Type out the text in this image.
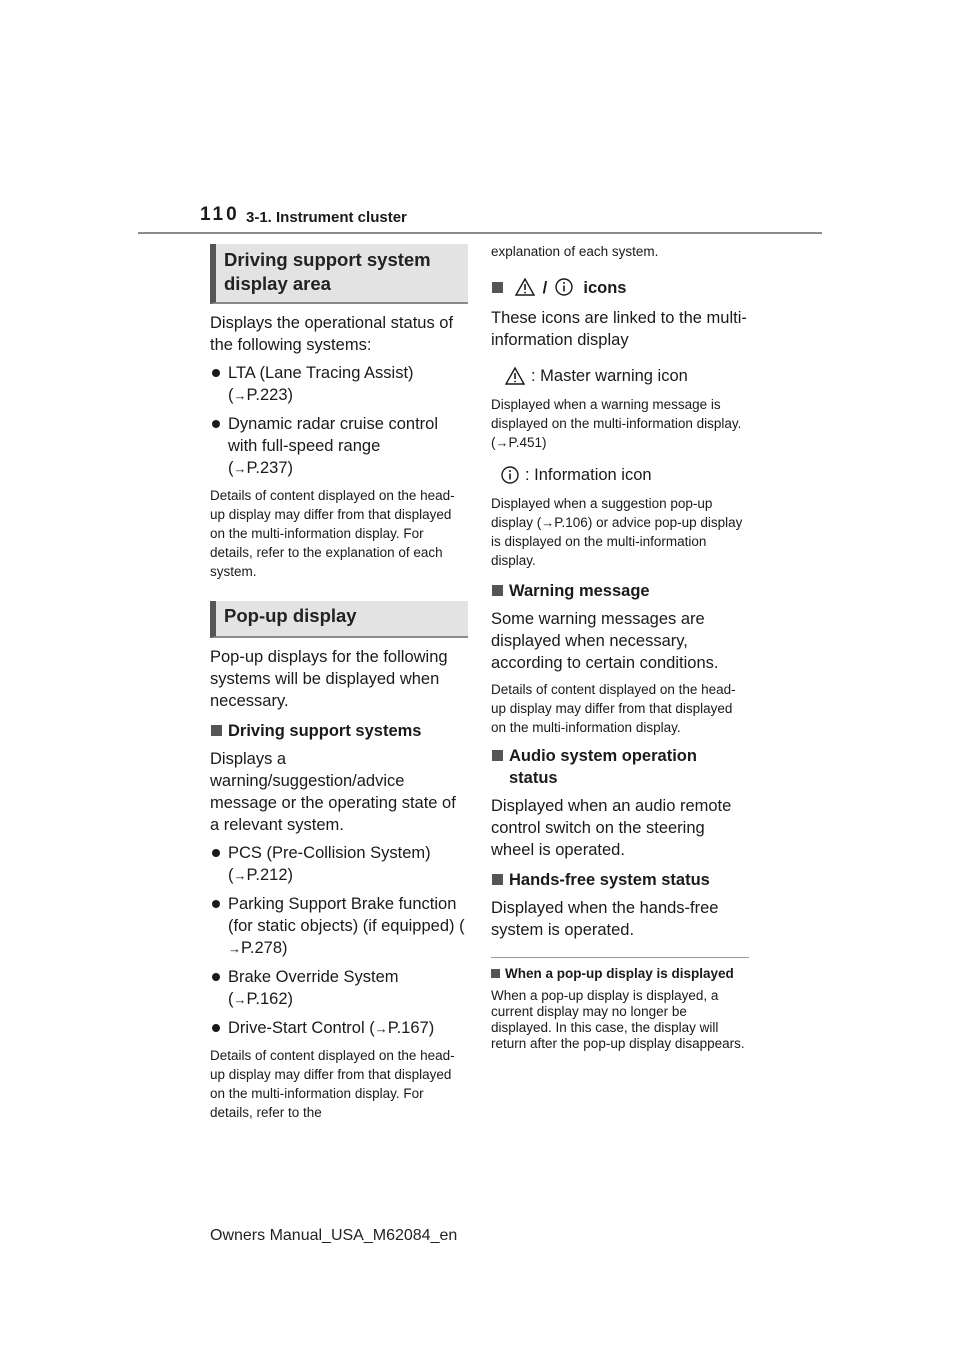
110 3-1. Instrument cluster
Driving support system display area

Displays the operational status of the following systems:

LTA (Lane Tracing Assist)
(→P.223)
Dynamic radar cruise control with full-speed range
(→P.237)

Details of content displayed on the head-up display may differ from that displayed on the multi-information display. For details, refer to the explanation of each system.

Pop-up display

Pop-up displays for the following systems will be displayed when necessary.

Driving support systems

Displays a warning/suggestion/advice message or the operating state of a relevant system.

PCS (Pre-Collision System)
(→P.212)
Parking Support Brake function (for static objects) (if equipped) (→P.278)
Brake Override System
(→P.162)
Drive-Start Control (→P.167)

Details of content displayed on the head-up display may differ from that displayed on the multi-information display. For details, refer to the

explanation of each system.

/ icons

These icons are linked to the multi-information display

: Master warning icon

Displayed when a warning message is displayed on the multi-information display. (→P.451)

: Information icon

Displayed when a suggestion pop-up display (→P.106) or advice pop-up display is displayed on the multi-information display.

Warning message

Some warning messages are displayed when necessary, according to certain conditions.

Details of content displayed on the head-up display may differ from that displayed on the multi-information display.

Audio system operation status

Displayed when an audio remote control switch on the steering wheel is operated.

Hands-free system status

Displayed when the hands-free system is operated.

When a pop-up display is displayed

When a pop-up display is displayed, a current display may no longer be displayed. In this case, the display will return after the pop-up display disappears.

Owners Manual_USA_M62084_en
